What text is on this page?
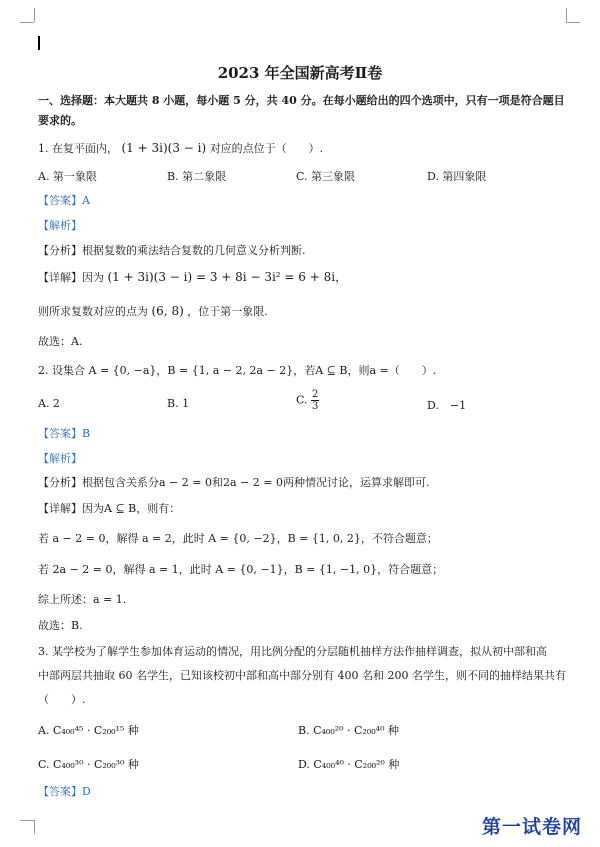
2023 年全国新高考Ⅱ卷
一、选择题：本大题共 8 小题，每小题 5 分，共 40 分。在每小题给出的四个选项中，只有一项是符合题目
要求的。
1. 在复平面内， (1 + 3i)(3 − i) 对应的点位于（　　）.
A. 第一象限	B. 第二象限	C. 第三象限	D. 第四象限
【答案】A
【解析】
【分析】根据复数的乘法结合复数的几何意义分析判断.
【详解】因为 (1 + 3i)(3 − i) = 3 + 8i − 3i² = 6 + 8i，
则所求复数对应的点为 (6, 8) ，位于第一象限.
故选：A.
2. 设集合 A = {0, −a}，B = {1, a − 2, 2a − 2}，若A ⊆ B，则a =（　　）.
A. 2	B. 1	C. $\frac{2}{3}$	D.　−1
【答案】B
【解析】
【分析】根据包含关系分a − 2 = 0和2a − 2 = 0两种情况讨论，运算求解即可.
【详解】因为A ⊆ B，则有：
若 a − 2 = 0，解得 a = 2，此时 A = {0, −2}，B = {1, 0, 2}，不符合题意；
若 2a − 2 = 0，解得 a = 1，此时 A = {0, −1}，B = {1, −1, 0}，符合题意；
综上所述：a = 1.
故选：B.
3. 某学校为了解学生参加体育运动的情况，用比例分配的分层随机抽样方法作抽样调查，拟从初中部和高
中部两层共抽取 60 名学生，已知该校初中部和高中部分别有 400 名和 200 名学生，则不同的抽样结果共有
（　　）.
A. C₄₀₀⁴⁵ · C₂₀₀¹⁵ 种	B. C₄₀₀²⁰ · C₂₀₀⁴⁰ 种
C. C₄₀₀³⁰ · C₂₀₀³⁰ 种	D. C₄₀₀⁴⁰ · C₂₀₀²⁰ 种
【答案】D
第一试卷网
